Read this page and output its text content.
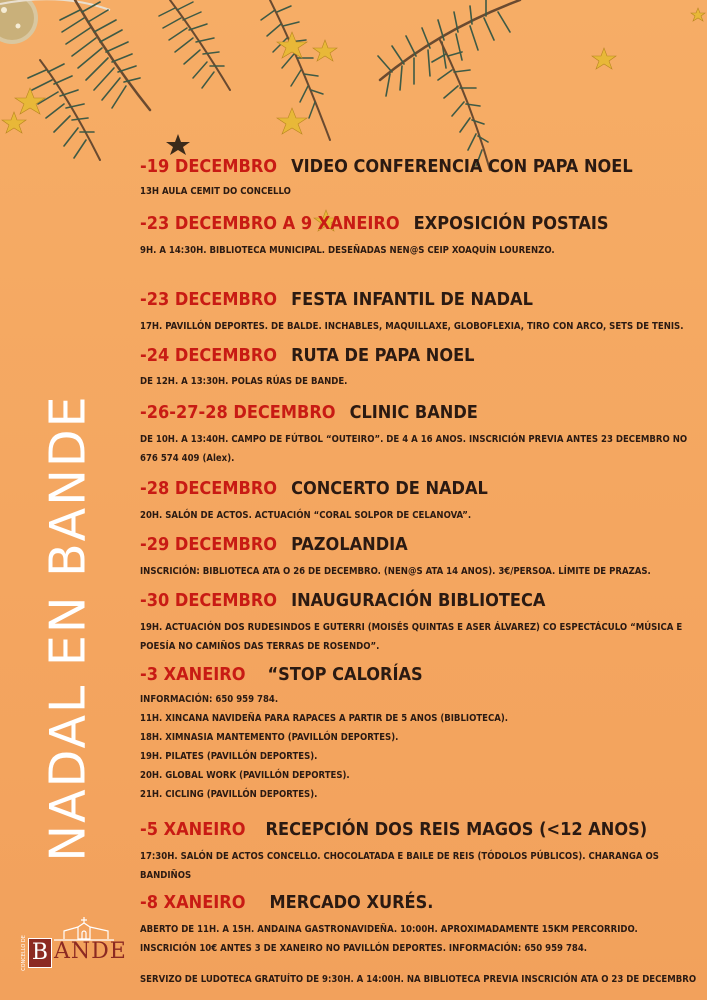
NADAL EN BANDE
-19 DECEMBRO VIDEO CONFERENCIA CON PAPA NOEL
13H AULA CEMIT DO CONCELLO
-23 DECEMBRO A 9 XANEIRO EXPOSICIÓN POSTAIS
9H. A 14:30H. BIBLIOTECA MUNICIPAL. DESEÑADAS NEN@S CEIP XOAQUÍN LOURENZO.
-23 DECEMBRO FESTA INFANTIL DE NADAL
17H. PAVILLÓN DEPORTES. DE BALDE. INCHABLES, MAQUILLAXE, GLOBOFLEXIA, TIRO CON ARCO, SETS DE TENIS.
-24 DECEMBRO RUTA DE PAPA NOEL
DE 12H. A 13:30H. POLAS RÚAS DE BANDE.
-26-27-28 DECEMBRO CLINIC BANDE
DE 10H. A 13:40H. CAMPO DE FÚTBOL “OUTEIRO”. DE 4 A 16 ANOS. INSCRICIÓN PREVIA ANTES 23 DECEMBRO NO 676 574 409 (Alex).
-28 DECEMBRO CONCERTO DE NADAL
20H. SALÓN DE ACTOS. ACTUACIÓN “CORAL SOLPOR DE CELANOVA”.
-29 DECEMBRO PAZOLANDIA
INSCRICIÓN: BIBLIOTECA ATA O 26 DE DECEMBRO. (NEN@S ATA 14 ANOS). 3€/PERSOA. LÍMITE DE PRAZAS.
-30 DECEMBRO INAUGURACIÓN BIBLIOTECA
19H. ACTUACIÓN DOS RUDESINDOS E GUTERRI (MOISÉS QUINTAS E ASER ÁLVAREZ) CO ESPECTÁCULO “MÚSICA E POESÍA NO CAMIÑOS DAS TERRAS DE ROSENDO”.
-3 XANEIRO “STOP CALORÍAS
INFORMACIÓN: 650 959 784.
11H. XINCANA NAVIDEÑA PARA RAPACES A PARTIR DE 5 ANOS (BIBLIOTECA).
18H. XIMNASIA MANTEMENTO (PAVILLÓN DEPORTES).
19H. PILATES (PAVILLÓN DEPORTES).
20H. GLOBAL WORK (PAVILLÓN DEPORTES).
21H. CICLING (PAVILLÓN DEPORTES).
-5 XANEIRO RECEPCIÓN DOS REIS MAGOS (<12 ANOS)
17:30H. SALÓN DE ACTOS CONCELLO. CHOCOLATADA E BAILE DE REIS (TÓDOLOS PÚBLICOS). CHARANGA OS BANDIÑOS
-8 XANEIRO MERCADO XURÉS.
ABERTO DE 11H. A 15H. ANDAINA GASTRONAVIDEÑA. 10:00H. APROXIMADAMENTE 15KM PERCORRIDO. INSCRICIÓN 10€ ANTES 3 DE XANEIRO NO PAVILLÓN DEPORTES. INFORMACIÓN: 650 959 784.
SERVIZO DE LUDOTECA GRATUÍTO DE 9:30H. A 14:00H. NA BIBLIOTECA PREVIA INSCRICIÓN ATA O 23 DE DECEMBRO
CONCELLO DE B ANDE
